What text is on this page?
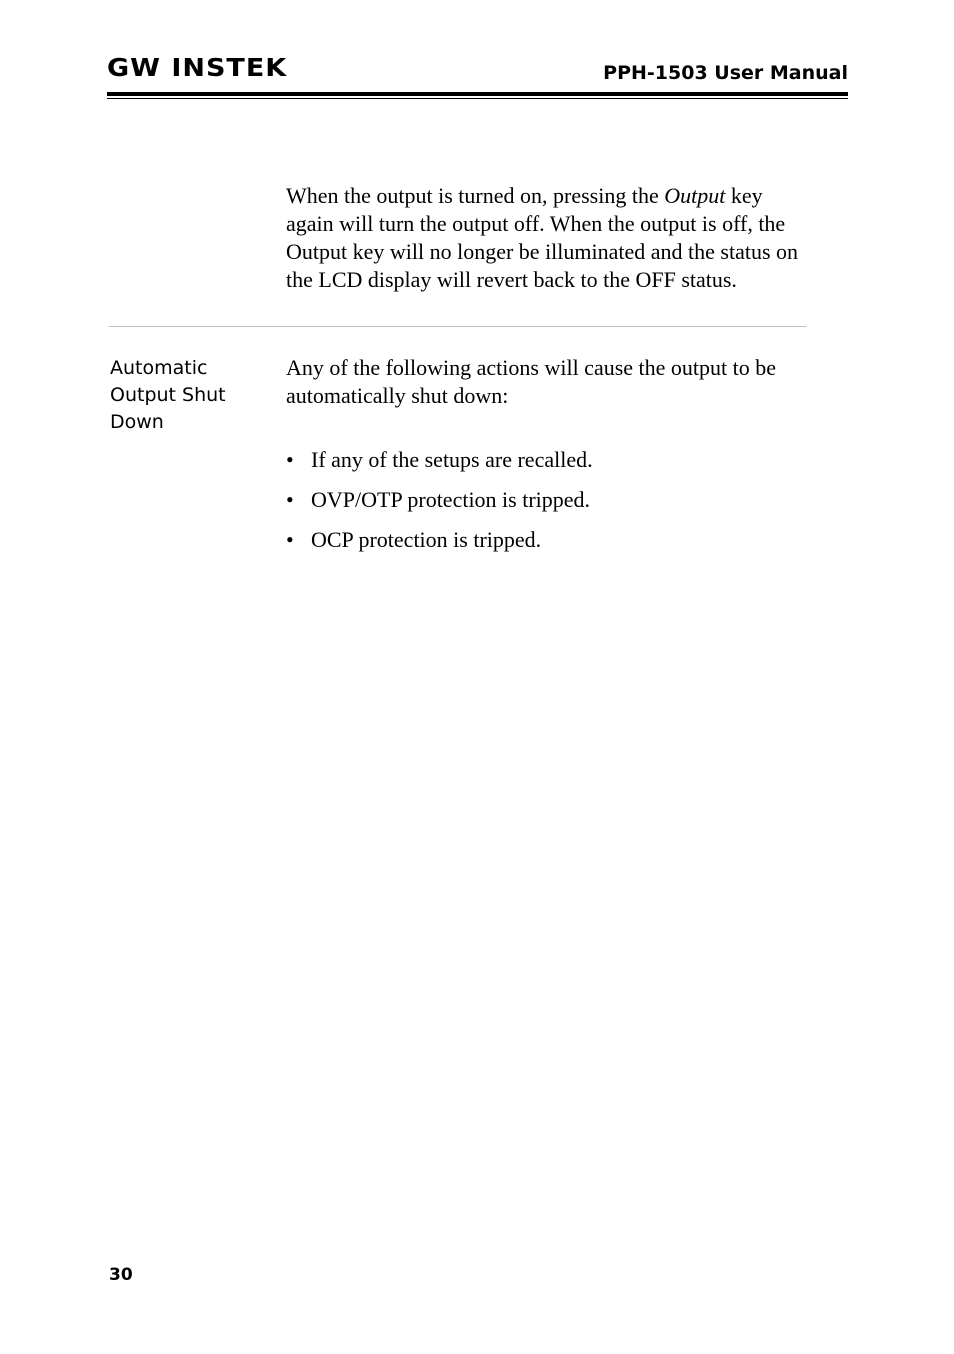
GW INSTEK	PPH-1503 User Manual
When the output is turned on, pressing the Output key again will turn the output off. When the output is off, the Output key will no longer be illuminated and the status on the LCD display will revert back to the OFF status.
Automatic Output Shut Down
Any of the following actions will cause the output to be automatically shut down:
• If any of the setups are recalled.
• OVP/OTP protection is tripped.
• OCP protection is tripped.
30
